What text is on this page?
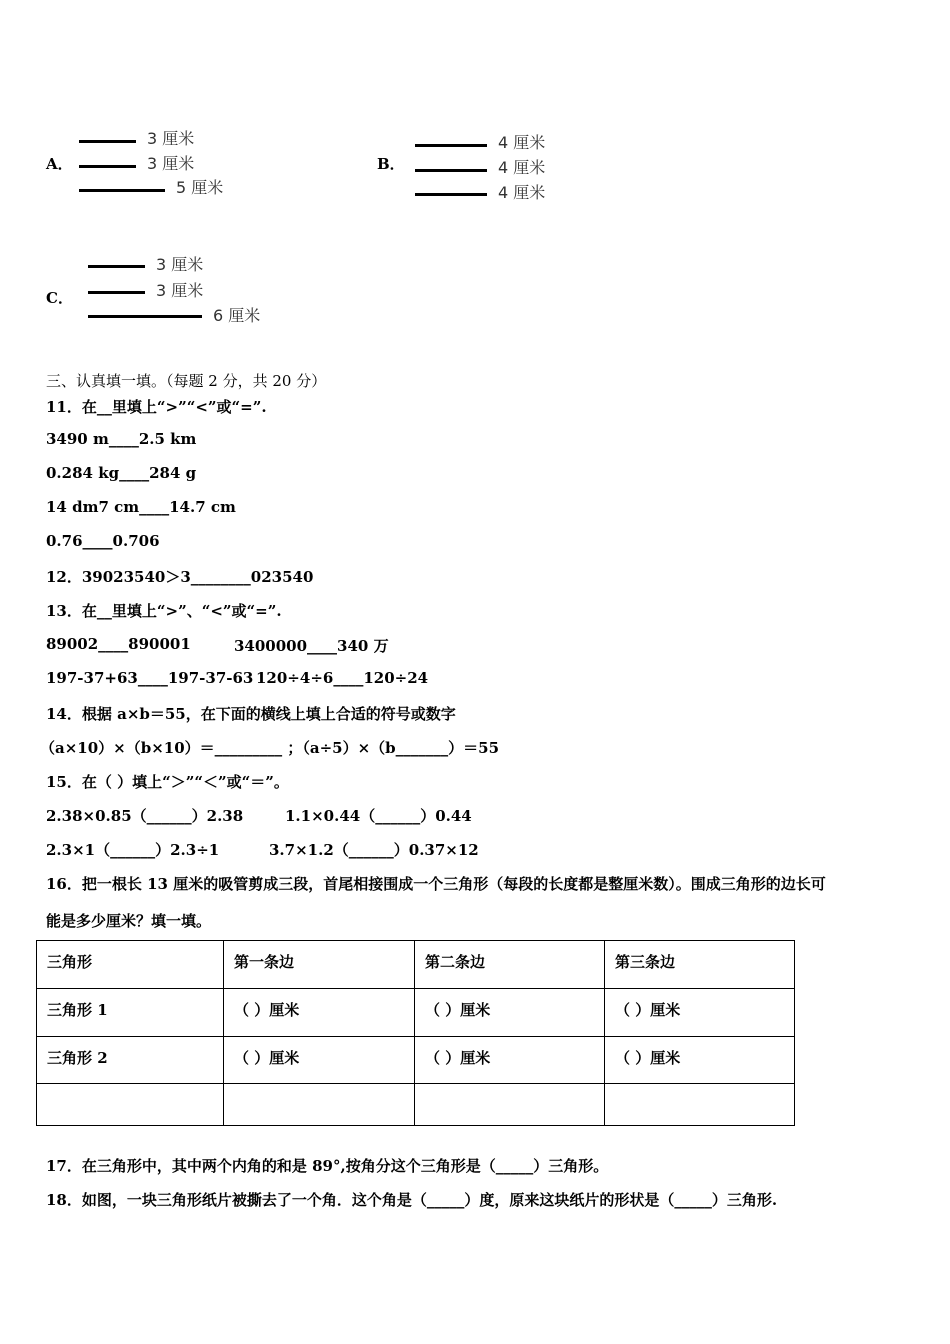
A．
3 厘米
3 厘米
5 厘米
B．
4 厘米
4 厘米
4 厘米
C．
3 厘米
3 厘米
6 厘米
三、认真填一填。（每题 2 分，共 20 分）
11．在__里填上“>”“<”或“=”.
3490 m____2.5 km
0.284 kg____284 g
14 dm7 cm____14.7 cm
0.76____0.706
12．39023540＞3________023540
13．在__里填上“>”、“<”或“=”.
89002____890001	3400000____340 万
197-37+63____197-37-63 120÷4÷6____120÷24
14．根据 a×b＝55，在下面的横线上填上合适的符号或数字
（a×10）×（b×10）＝_________ ；（a÷5）×（b_______）＝55
15．在（ ）填上“＞”“＜”或“＝”。
2.38×0.85（______）2.38	1.1×0.44（______）0.44
2.3×1（______）2.3÷1	3.7×1.2（______）0.37×12
16．把一根长 13 厘米的吸管剪成三段，首尾相接围成一个三角形（每段的长度都是整厘米数）。围成三角形的边长可
能是多少厘米？填一填。
三角形	第一条边	第二条边	第三条边
三角形 1	（ ）厘米	（ ）厘米	（ ）厘米
三角形 2	（ ）厘米	（ ）厘米	（ ）厘米

17．在三角形中，其中两个内角的和是 89°,按角分这个三角形是（_____）三角形。
18．如图，一块三角形纸片被撕去了一个角．这个角是（_____）度，原来这块纸片的形状是（_____）三角形.
